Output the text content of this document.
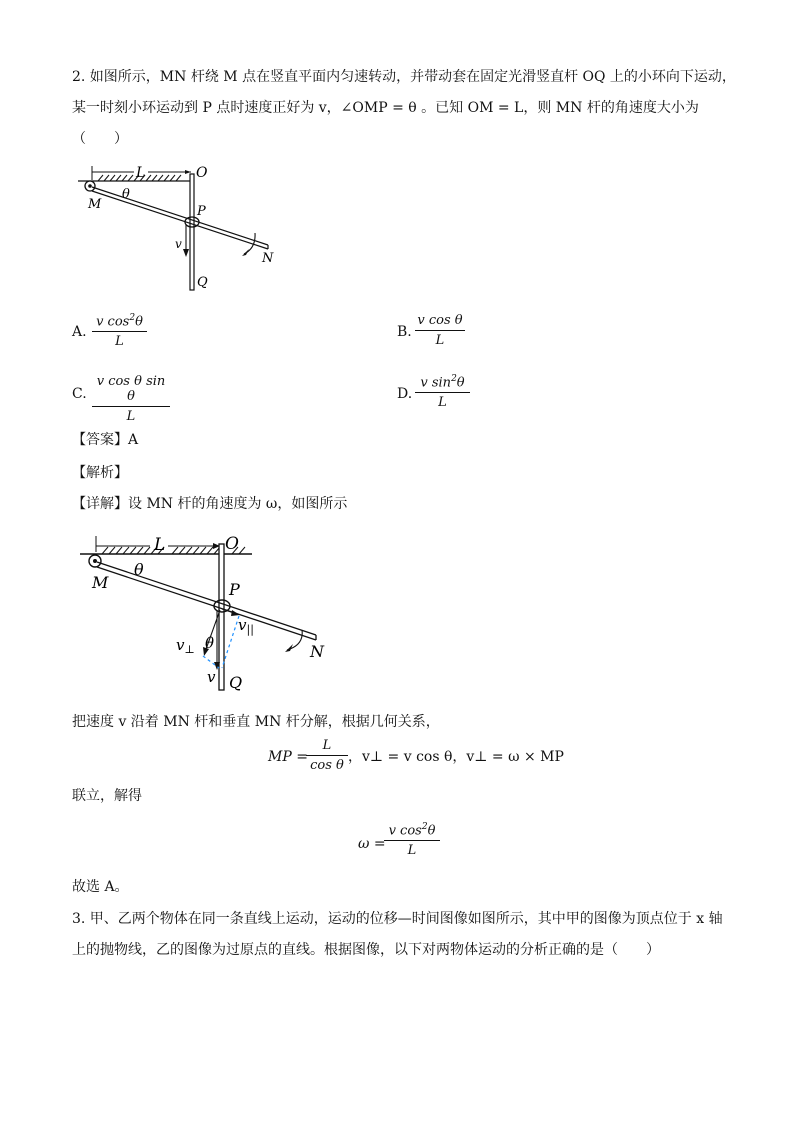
2. 如图所示，MN 杆绕 M 点在竖直平面内匀速转动，并带动套在固定光滑竖直杆 OQ 上的小环向下运动，
某一时刻小环运动到 P 点时速度正好为 v，∠OMP = θ 。已知 OM = L，则 MN 杆的角速度大小为
（　　）
L	O
θ
M	P
v
N
Q
A. $\frac{v \cos^2\theta}{L}$	B. $\frac{\text{v cos θ}}{L}$
C. $\frac{\text{v cos θ sin θ}}{L}$	D. $\frac{v \sin^2\theta}{L}$
【答案】A
【解析】
【详解】设 MN 杆的角速度为 ω，如图所示
L	O
θ
M	P
$v_{||}$
$v_\perp$
v
θ	N
Q
把速度 v 沿着 MN 杆和垂直 MN 杆分解，根据几何关系，
MP =
$\frac{L}{\text{cos θ}}$ ，v⊥ = v cos θ，v⊥ = ω × MP
联立，解得
ω =
$\frac{v \cos^2\theta}{L}$
故选 A。
3. 甲、乙两个物体在同一条直线上运动，运动的位移—时间图像如图所示，其中甲的图像为顶点位于 x 轴
上的抛物线，乙的图像为过原点的直线。根据图像，以下对两物体运动的分析正确的是（　　）
